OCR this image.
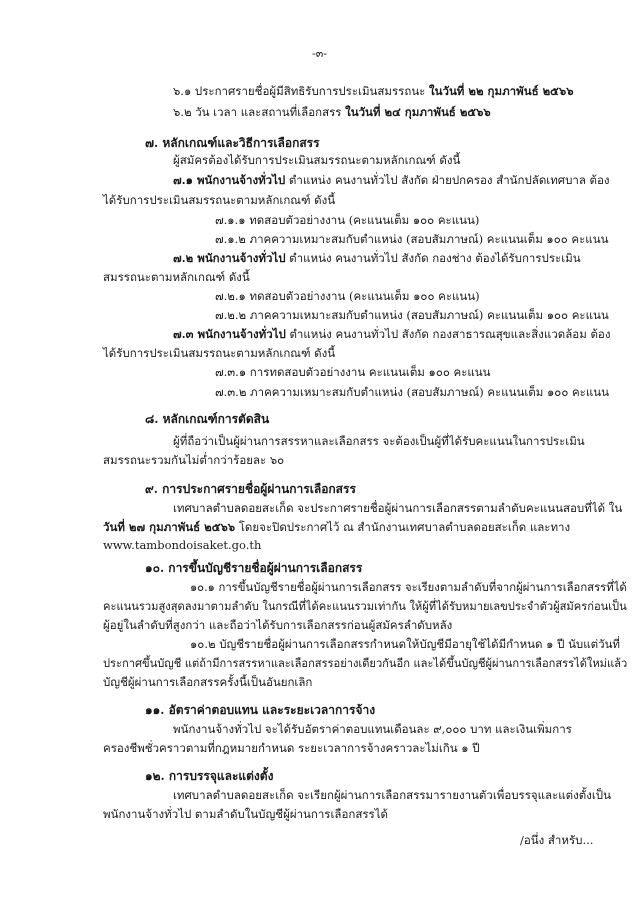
-๓-
๖.๑ ประกาศรายชื่อผู้มีสิทธิรับการประเมินสมรรถนะ ในวันที่ ๒๒ กุมภาพันธ์ ๒๕๖๖
๖.๒ วัน เวลา และสถานที่เลือกสรร ในวันที่ ๒๔ กุมภาพันธ์ ๒๕๖๖
๗. หลักเกณฑ์และวิธีการเลือกสรร
ผู้สมัครต้องได้รับการประเมินสมรรถนะตามหลักเกณฑ์ ดังนี้
๗.๑ พนักงานจ้างทั่วไป ตำแหน่ง คนงานทั่วไป สังกัด ฝ่ายปกครอง สำนักปลัดเทศบาล ต้อง
ได้รับการประเมินสมรรถนะตามหลักเกณฑ์ ดังนี้
๗.๑.๑ ทดสอบตัวอย่างงาน (คะแนนเต็ม ๑๐๐ คะแนน)
๗.๑.๒ ภาคความเหมาะสมกับตำแหน่ง (สอบสัมภาษณ์) คะแนนเต็ม ๑๐๐ คะแนน
๗.๒ พนักงานจ้างทั่วไป ตำแหน่ง คนงานทั่วไป สังกัด กองช่าง ต้องได้รับการประเมิน
สมรรถนะตามหลักเกณฑ์ ดังนี้
๗.๒.๑ ทดสอบตัวอย่างงาน (คะแนนเต็ม ๑๐๐ คะแนน)
๗.๒.๒ ภาคความเหมาะสมกับตำแหน่ง (สอบสัมภาษณ์) คะแนนเต็ม ๑๐๐ คะแนน
๗.๓ พนักงานจ้างทั่วไป ตำแหน่ง คนงานทั่วไป สังกัด กองสาธารณสุขและสิ่งแวดล้อม ต้อง
ได้รับการประเมินสมรรถนะตามหลักเกณฑ์ ดังนี้
๗.๓.๑ การทดสอบตัวอย่างงาน คะแนนเต็ม ๑๐๐ คะแนน
๗.๓.๒ ภาคความเหมาะสมกับตำแหน่ง (สอบสัมภาษณ์) คะแนนเต็ม ๑๐๐ คะแนน
๘. หลักเกณฑ์การตัดสิน
ผู้ที่ถือว่าเป็นผู้ผ่านการสรรหาและเลือกสรร จะต้องเป็นผู้ที่ได้รับคะแนนในการประเมิน
สมรรถนะรวมกันไม่ต่ำกว่าร้อยละ ๖๐
๙. การประกาศรายชื่อผู้ผ่านการเลือกสรร
เทศบาลตำบลดอยสะเก็ด จะประกาศรายชื่อผู้ผ่านการเลือกสรรตามลำดับคะแนนสอบที่ได้ ใน
วันที่ ๒๗ กุมภาพันธ์ ๒๕๖๖ โดยจะปิดประกาศไว้ ณ สำนักงานเทศบาลตำบลดอยสะเก็ด และทาง
www.tambondoisaket.go.th
๑๐. การขึ้นบัญชีรายชื่อผู้ผ่านการเลือกสรร
๑๐.๑ การขึ้นบัญชีรายชื่อผู้ผ่านการเลือกสรร จะเรียงตามลำดับที่จากผู้ผ่านการเลือกสรรที่ได้
คะแนนรวมสูงสุดลงมาตามลำดับ ในกรณีที่ได้คะแนนรวมเท่ากัน ให้ผู้ที่ได้รับหมายเลขประจำตัวผู้สมัครก่อนเป็น
ผู้อยู่ในลำดับที่สูงกว่า และถือว่าได้รับการเลือกสรรก่อนผู้สมัครลำดับหลัง
๑๐.๒ บัญชีรายชื่อผู้ผ่านการเลือกสรรกำหนดให้บัญชีมีอายุใช้ได้มีกำหนด ๑ ปี นับแต่วันที่
ประกาศขึ้นบัญชี แต่ถ้ามีการสรรหาและเลือกสรรอย่างเดียวกันอีก และได้ขึ้นบัญชีผู้ผ่านการเลือกสรรได้ใหม่แล้ว
บัญชีผู้ผ่านการเลือกสรรครั้งนี้เป็นอันยกเลิก
๑๑. อัตราค่าตอบแทน และระยะเวลาการจ้าง
พนักงานจ้างทั่วไป จะได้รับอัตราค่าตอบแทนเดือนละ ๙,๐๐๐ บาท และเงินเพิ่มการ
ครองชีพชั่วคราวตามที่กฎหมายกำหนด ระยะเวลาการจ้างคราวละไม่เกิน ๑ ปี
๑๒. การบรรจุและแต่งตั้ง
เทศบาลตำบลดอยสะเก็ด จะเรียกผู้ผ่านการเลือกสรรมารายงานตัวเพื่อบรรจุและแต่งตั้งเป็น
พนักงานจ้างทั่วไป ตามลำดับในบัญชีผู้ผ่านการเลือกสรรได้
/อนึ่ง สำหรับ...
